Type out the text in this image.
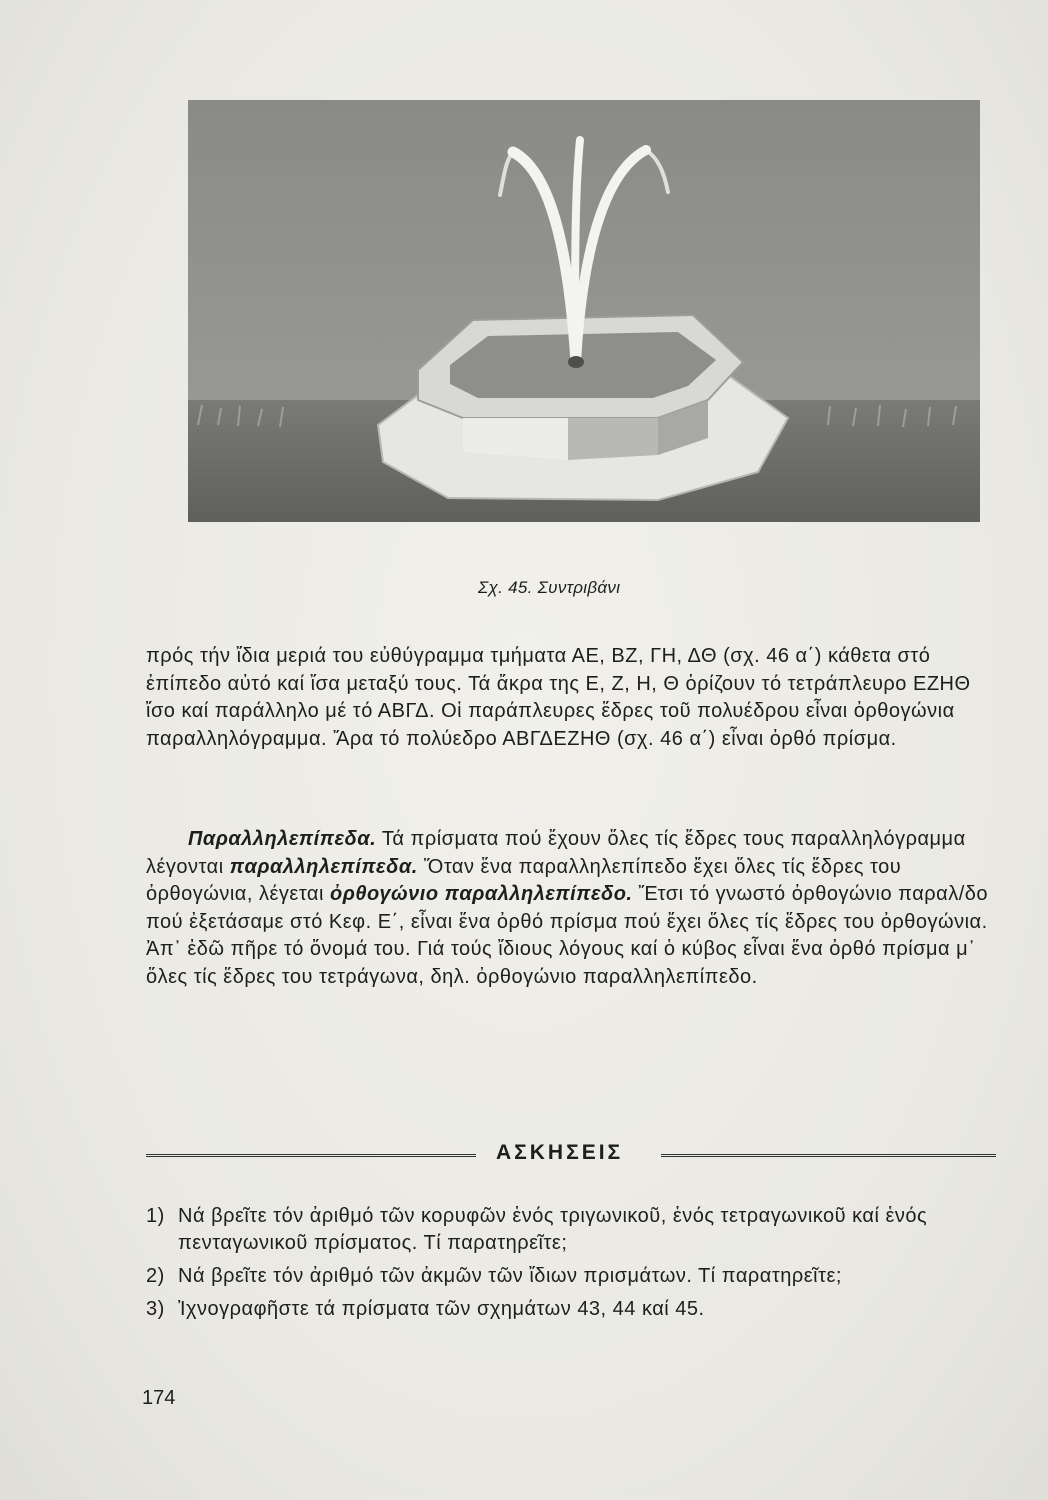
Σχ. 45. Συντριβάνι

πρός τήν ἴδια μεριά του εὐθύγραμμα τμήματα ΑΕ, ΒΖ, ΓΗ, ΔΘ (σχ. 46 α΄) κάθετα στό ἐπίπεδο αὐτό καί ἴσα μεταξύ τους. Τά ἄκρα της Ε, Ζ, Η, Θ ὁρίζουν τό τετράπλευρο ΕΖΗΘ ἴσο καί παράλληλο μέ τό ΑΒΓΔ. Οἱ παράπλευρες ἕδρες τοῦ πολυέδρου εἶναι ὀρθογώνια παραλληλόγραμμα. Ἄρα τό πολύεδρο ΑΒΓΔΕΖΗΘ (σχ. 46 α΄) εἶναι ὀρθό πρίσμα.

Παραλληλεπίπεδα. Τά πρίσματα πού ἔχουν ὅλες τίς ἕδρες τους παραλληλόγραμμα λέγονται παραλληλεπίπεδα. Ὅταν ἕνα παραλληλεπίπεδο ἔχει ὅλες τίς ἕδρες του ὀρθογώνια, λέγεται ὀρθογώνιο παραλληλεπίπεδο. Ἔτσι τό γνωστό ὀρθογώνιο παραλ/δο πού ἐξετάσαμε στό Κεφ. Ε΄, εἶναι ἕνα ὀρθό πρίσμα πού ἔχει ὅλες τίς ἕδρες του ὀρθογώνια. Ἀπ᾽ ἐδῶ πῆρε τό ὄνομά του. Γιά τούς ἴδιους λόγους καί ὁ κύβος εἶναι ἕνα ὀρθό πρίσμα μ᾽ ὅλες τίς ἕδρες του τετράγωνα, δηλ. ὀρθογώνιο παραλληλεπίπεδο.

ΑΣΚΗΣΕΙΣ
1) Νά βρεῖτε τόν ἀριθμό τῶν κορυφῶν ἑνός τριγωνικοῦ, ἑνός τετραγωνικοῦ καί ἑνός πενταγωνικοῦ πρίσματος. Τί παρατηρεῖτε;
2) Νά βρεῖτε τόν ἀριθμό τῶν ἀκμῶν τῶν ἴδιων πρισμάτων. Τί παρατηρεῖτε;
3) Ἰχνογραφῆστε τά πρίσματα τῶν σχημάτων 43, 44 καί 45.
174
